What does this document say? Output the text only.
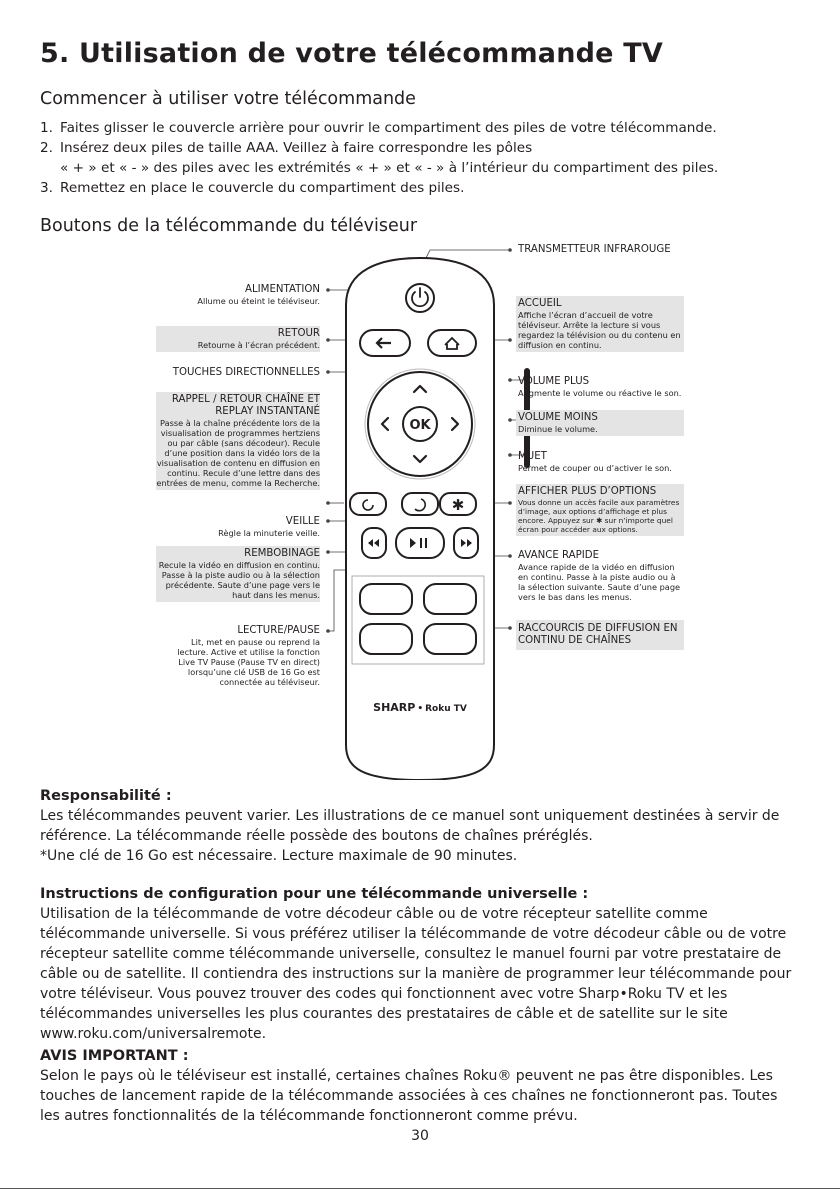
5. Utilisation de votre télécommande TV
Commencer à utiliser votre télécommande
1. Faites glisser le couvercle arrière pour ouvrir le compartiment des piles de votre télécommande.
2. Insérez deux piles de taille AAA. Veillez à faire correspondre les pôles
« + » et « - » des piles avec les extrémités « + » et « - » à l’intérieur du compartiment des piles.
3. Remettez en place le couvercle du compartiment des piles.
Boutons de la télécommande du téléviseur
OK
✱
SHARP • Roku TV
ALIMENTATION
Allume ou éteint le téléviseur.
RETOUR
Retourne à l’écran précédent.
TOUCHES DIRECTIONNELLES
RAPPEL / RETOUR CHAÎNE ET REPLAY INSTANTANÉ
Passe à la chaîne précédente lors de la visualisation de programmes hertziens ou par câble (sans décodeur). Recule d’une position dans la vidéo lors de la visualisation de contenu en diffusion en continu. Recule d’une lettre dans des entrées de menu, comme la Recherche.
VEILLE
Règle la minuterie veille.
REMBOBINAGE
Recule la vidéo en diffusion en continu. Passe à la piste audio ou à la sélection précédente. Saute d’une page vers le haut dans les menus.
LECTURE/PAUSE
Lit, met en pause ou reprend la lecture. Active et utilise la fonction Live TV Pause (Pause TV en direct) lorsqu’une clé USB de 16 Go est connectée au téléviseur.
TRANSMETTEUR INFRAROUGE
ACCUEIL
Affiche l’écran d’accueil de votre téléviseur. Arrête la lecture si vous regardez la télévision ou du contenu en diffusion en continu.
VOLUME PLUS
Augmente le volume ou réactive le son.
VOLUME MOINS
Diminue le volume.
MUET
Permet de couper ou d’activer le son.
AFFICHER PLUS D’OPTIONS
Vous donne un accès facile aux paramètres d’image, aux options d’affichage et plus encore. Appuyez sur ✱ sur n’importe quel écran pour accéder aux options.
AVANCE RAPIDE
Avance rapide de la vidéo en diffusion en continu. Passe à la piste audio ou à la sélection suivante. Saute d’une page vers le bas dans les menus.
RACCOURCIS DE DIFFUSION EN CONTINU DE CHAÎNES
Responsabilité :
Les télécommandes peuvent varier. Les illustrations de ce manuel sont uniquement destinées à servir de référence. La télécommande réelle possède des boutons de chaînes préréglés.
*Une clé de 16 Go est nécessaire. Lecture maximale de 90 minutes.
Instructions de configuration pour une télécommande universelle :
Utilisation de la télécommande de votre décodeur câble ou de votre récepteur satellite comme télécommande universelle. Si vous préférez utiliser la télécommande de votre décodeur câble ou de votre récepteur satellite comme télécommande universelle, consultez le manuel fourni par votre prestataire de câble ou de satellite. Il contiendra des instructions sur la manière de programmer leur télécommande pour votre téléviseur. Vous pouvez trouver des codes qui fonctionnent avec votre Sharp•Roku TV et les télécommandes universelles les plus courantes des prestataires de câble et de satellite sur le site www.roku.com/universalremote.
AVIS IMPORTANT :
Selon le pays où le téléviseur est installé, certaines chaînes Roku® peuvent ne pas être disponibles. Les touches de lancement rapide de la télécommande associées à ces chaînes ne fonctionneront pas. Toutes les autres fonctionnalités de la télécommande fonctionneront comme prévu.
30
